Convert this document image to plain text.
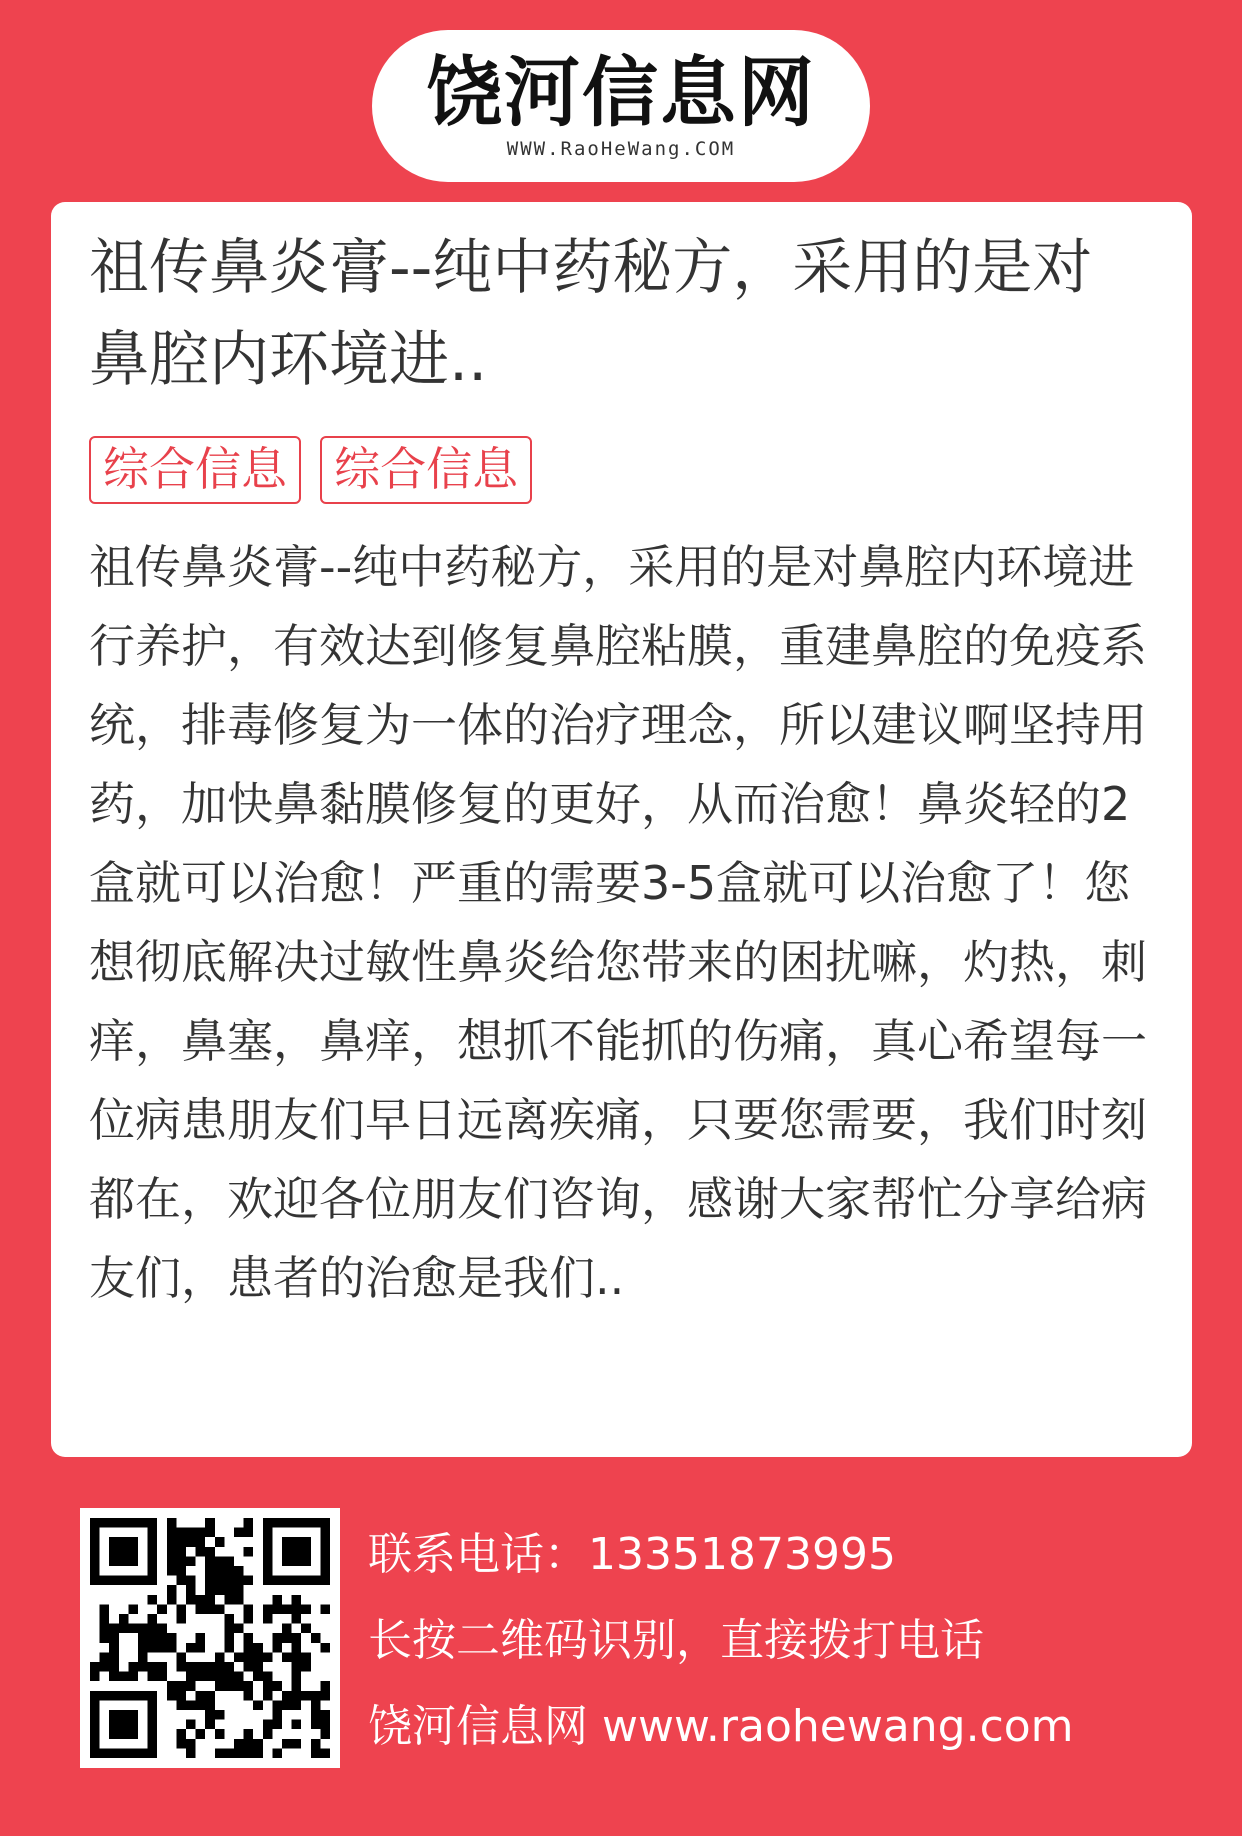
饶河信息网
WWW.RaoHeWang.COM
祖传鼻炎膏--纯中药秘方，采用的是对鼻腔内环境进..
综合信息 综合信息
祖传鼻炎膏--纯中药秘方，采用的是对鼻腔内环境进行养护，有效达到修复鼻腔粘膜，重建鼻腔的免疫系统，排毒修复为一体的治疗理念，所以建议啊坚持用药，加快鼻黏膜修复的更好，从而治愈！鼻炎轻的2盒就可以治愈！严重的需要3-5盒就可以治愈了！您想彻底解决过敏性鼻炎给您带来的困扰嘛，灼热，刺痒，鼻塞，鼻痒，想抓不能抓的伤痛，真心希望每一位病患朋友们早日远离疾痛，只要您需要，我们时刻都在，欢迎各位朋友们咨询，感谢大家帮忙分享给病友们，患者的治愈是我们..
联系电话：13351873995
长按二维码识别，直接拨打电话
饶河信息网 www.raohewang.com
